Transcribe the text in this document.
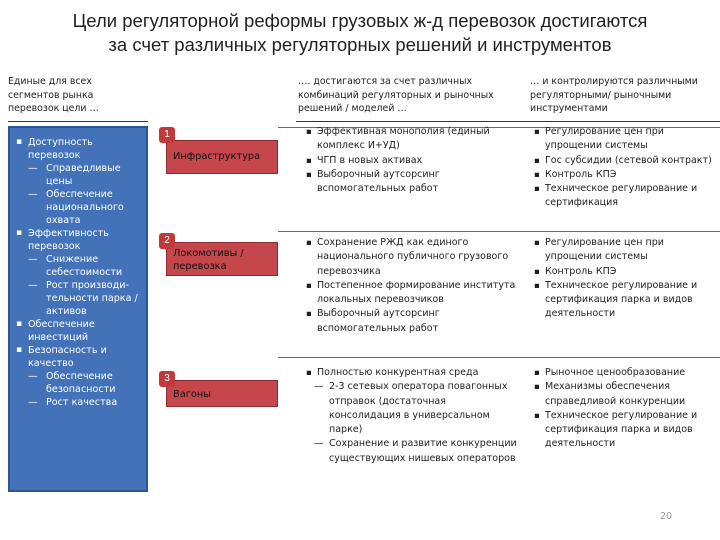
Цели регуляторной реформы грузовых ж-д перевозок достигаются
за счет различных регуляторных решений и инструментов
Единые для всех
сегментов рынка
перевозок цели …
…. достигаются за счет различных
комбинаций регуляторных и рыночных
решений / моделей …
… и контролируются различными
регуляторными/ рыночными
инструментами
▪ Доступность перевозок
— Справедливые цены
— Обеспечение национального охвата
▪ Эффективность перевозок
— Снижение себестоимости
— Рост производи-тельности парка /активов
▪ Обеспечение инвестиций
▪ Безопасность и качество
— Обеспечение безопасности
— Рост качества
Инфраструктура
1
Локомотивы / перевозка
2
Вагоны
3
▪ Эффективная монополия (единый комплекс И+УД)
▪ ЧГП в новых активах
▪ Выборочный аутсорсинг вспомогательных работ
▪ Регулирование цен при упрощении системы
▪ Гос субсидии (сетевой контракт)
▪ Контроль КПЭ
▪ Техническое регулирование и сертификация
▪ Сохранение РЖД как единого национального публичного грузового перевозчика
▪ Постепенное формирование института локальных перевозчиков
▪ Выборочный аутсорсинг вспомогательных работ
▪ Регулирование цен при упрощении системы
▪ Контроль КПЭ
▪ Техническое регулирование и сертификация парка и видов деятельности
▪ Полностью конкурентная среда
— 2-3 сетевых оператора повагонных отправок (достаточная консолидация в универсальном парке)
— Сохранение и развитие конкуренции существующих нишевых операторов
▪ Рыночное ценообразование
▪ Механизмы обеспечения справедливой конкуренции
▪ Техническое регулирование и сертификация парка и видов деятельности
20
